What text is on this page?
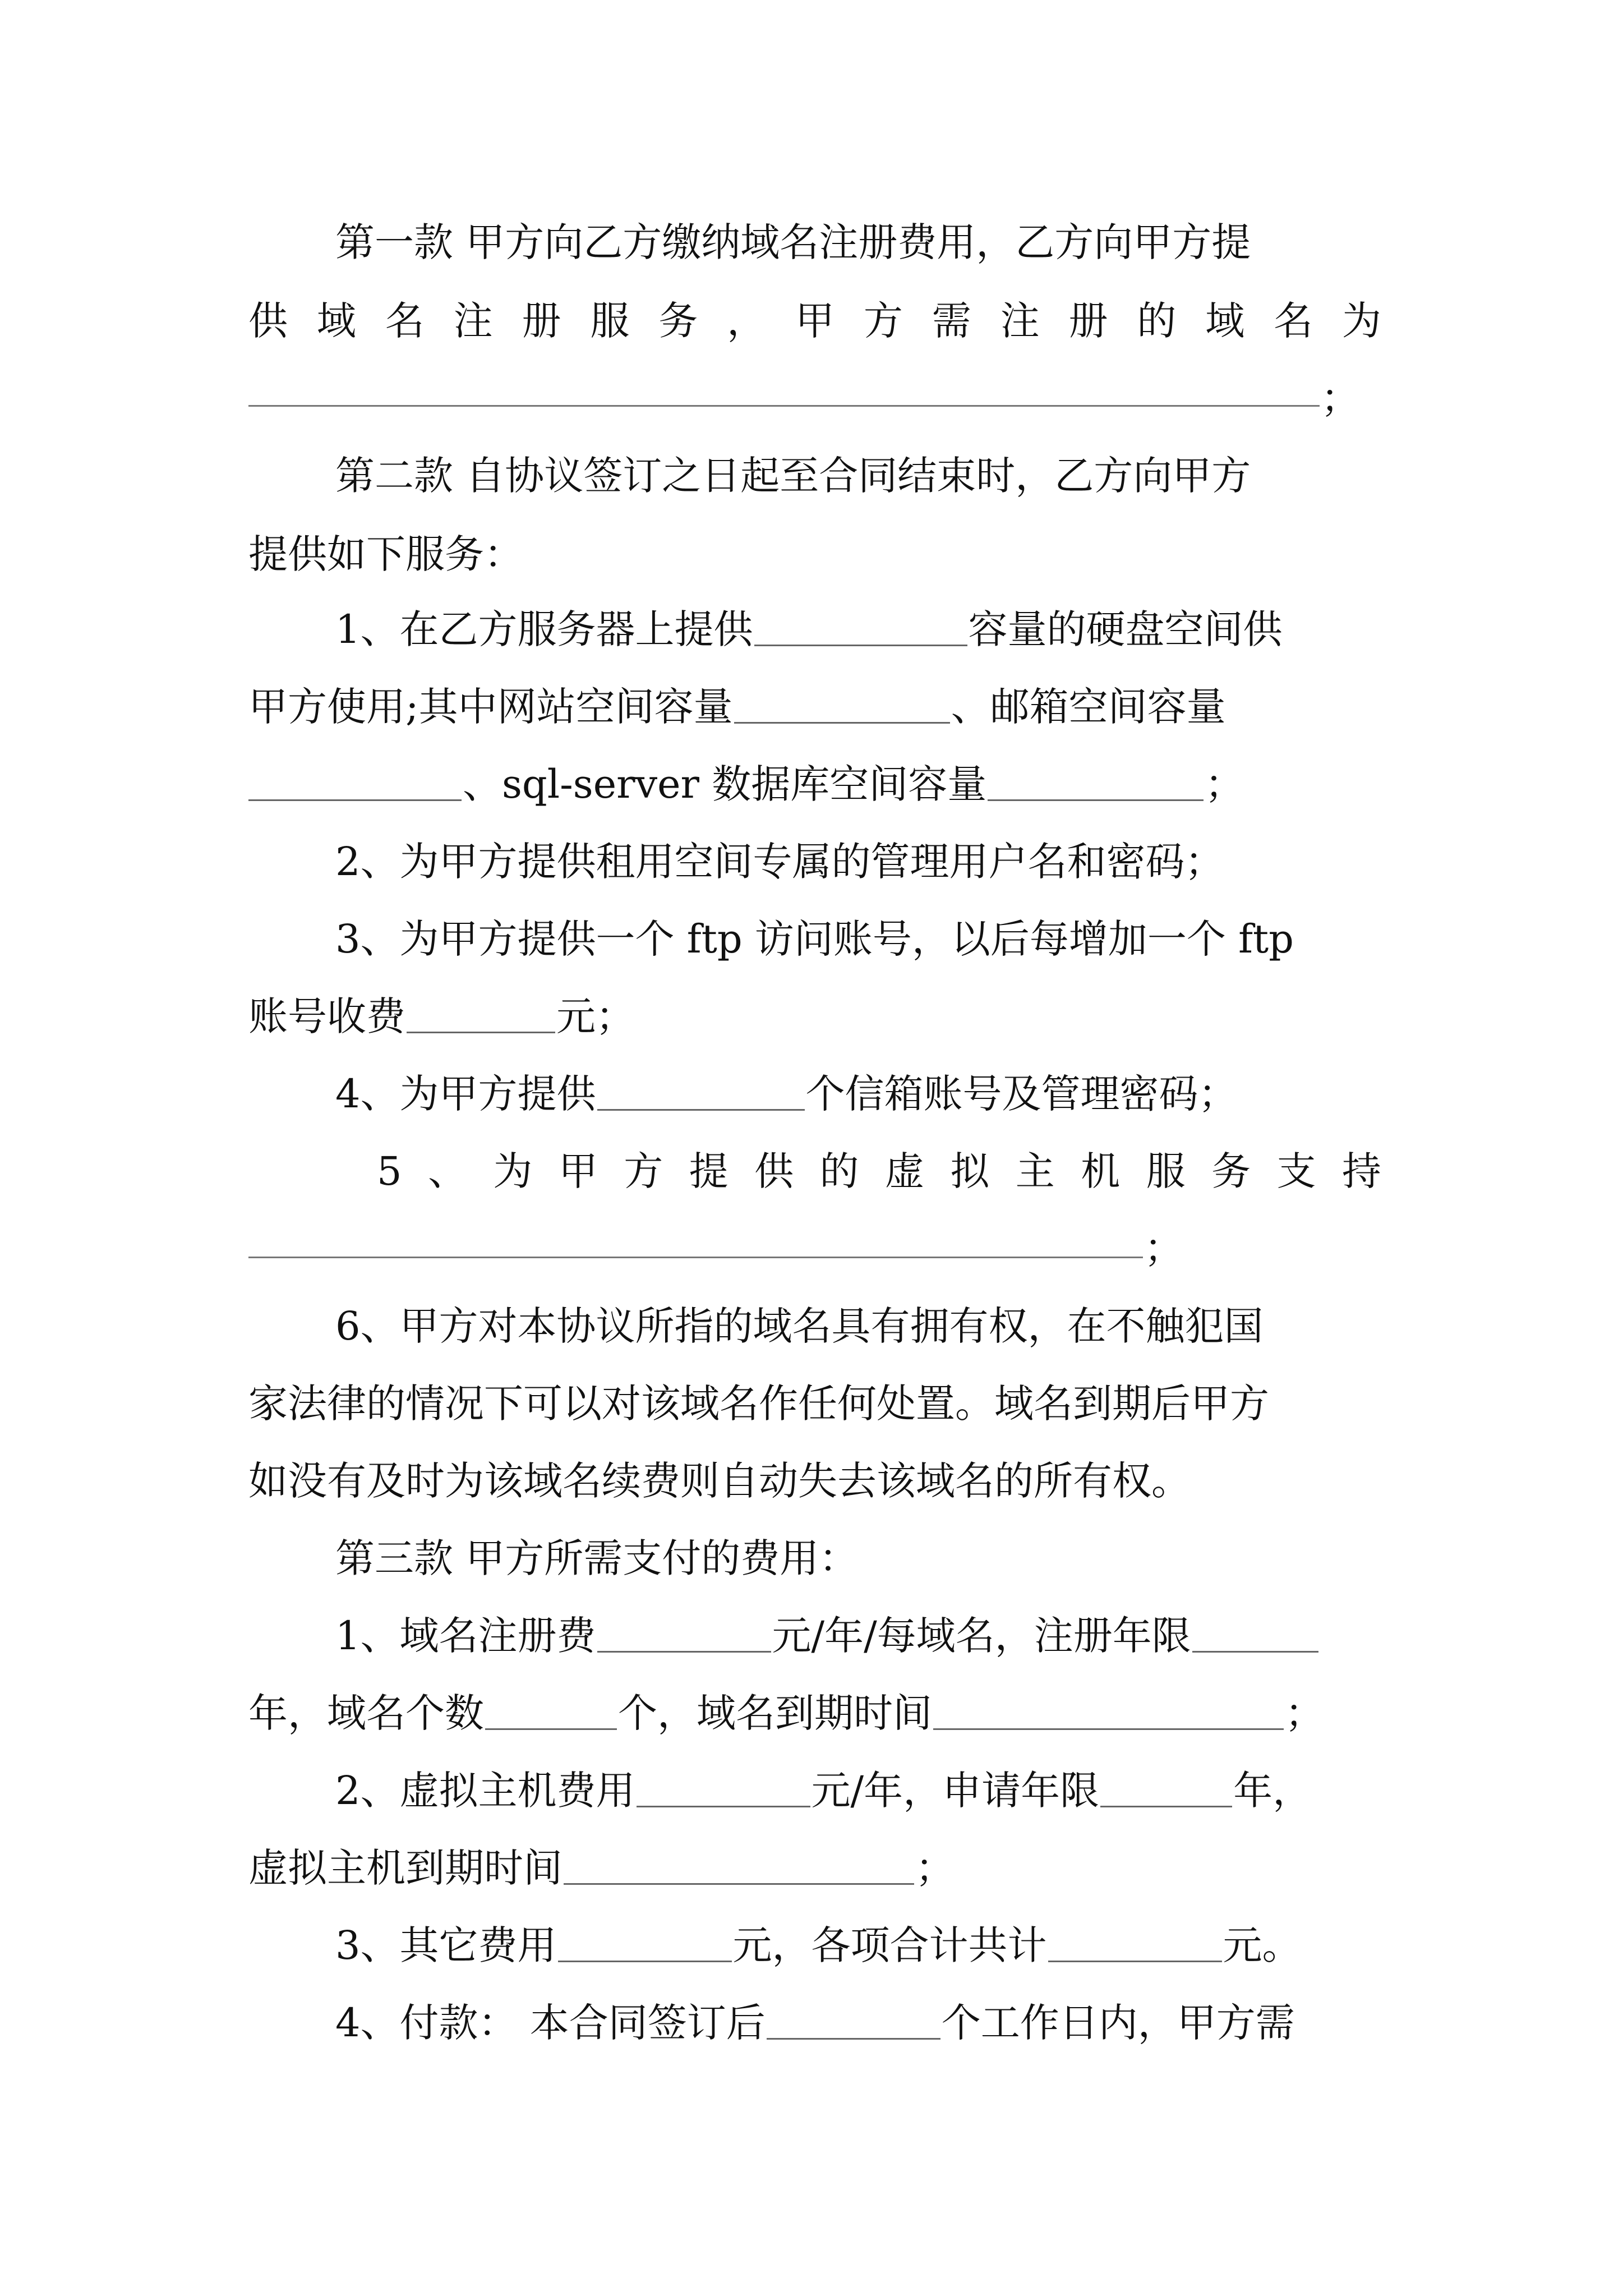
第一款 甲方向乙方缴纳域名注册费用，乙方向甲方提
供 域 名 注 册 服 务 ， 甲 方 需 注 册 的 域 名 为
；
第二款 自协议签订之日起至合同结束时，乙方向甲方
提供如下服务：
1、在乙方服务器上提供	容量的硬盘空间供
甲方使用;其中网站空间容量	、邮箱空间容量
、sql-server 数据库空间容量	；
2、为甲方提供租用空间专属的管理用户名和密码；
3、为甲方提供一个 ftp 访问账号，以后每增加一个 ftp
账号收费	元；
4、为甲方提供	个信箱账号及管理密码；
5 、 为 甲 方 提 供 的 虚 拟 主 机 服 务 支 持
；
6、甲方对本协议所指的域名具有拥有权，在不触犯国
家法律的情况下可以对该域名作任何处置。域名到期后甲方
如没有及时为该域名续费则自动失去该域名的所有权。
第三款 甲方所需支付的费用：
1、域名注册费	元/年/每域名，注册年限
年，域名个数	个，域名到期时间	；
2、虚拟主机费用	元/年，申请年限	年，
虚拟主机到期时间	；
3、其它费用	元，各项合计共计	元。
4、付款： 本合同签订后	个工作日内，甲方需
